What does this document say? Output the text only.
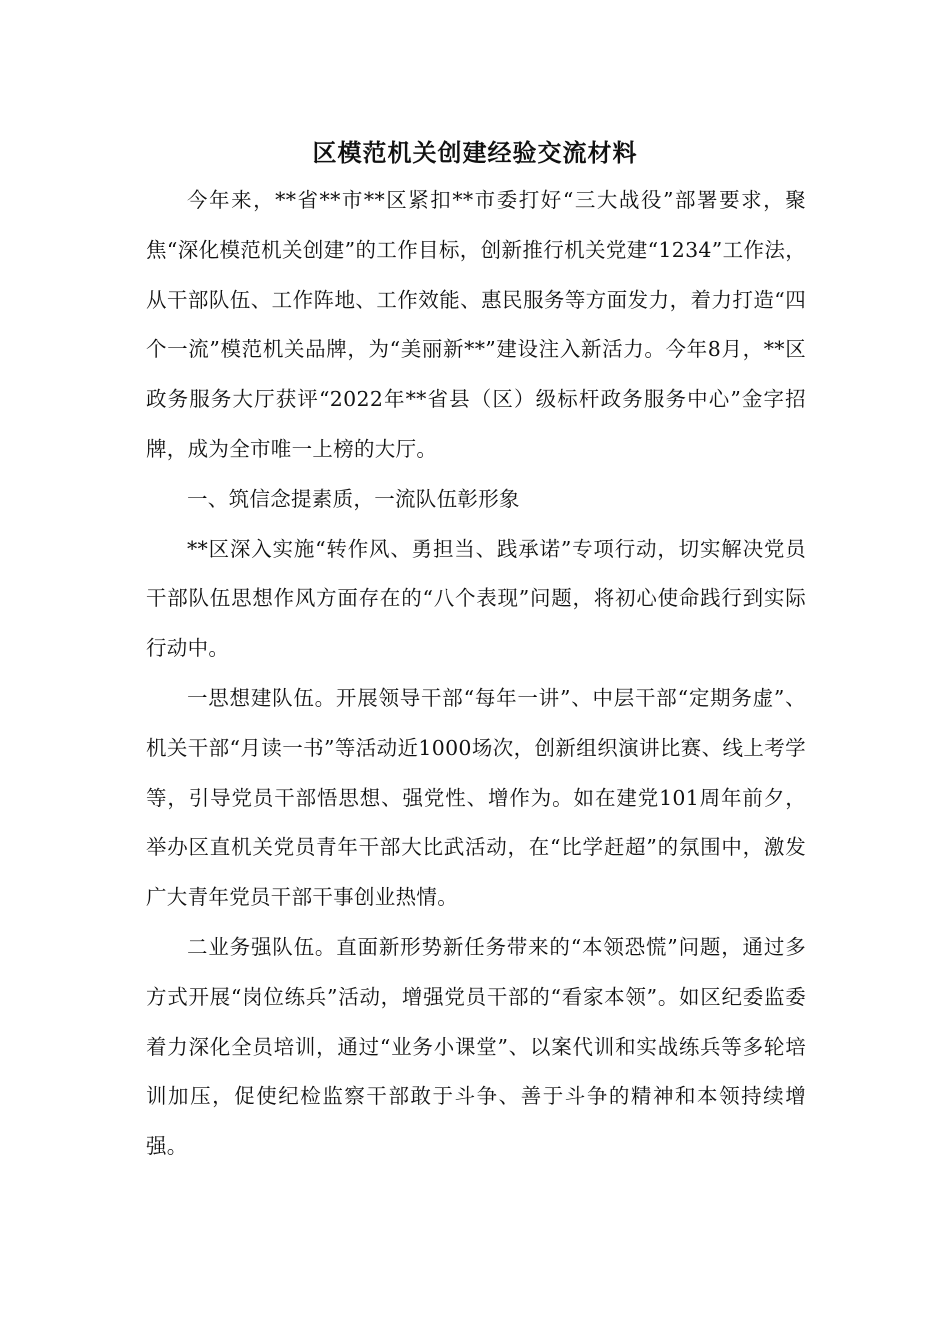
区模范机关创建经验交流材料

今年来，**省**市**区紧扣**市委打好“三大战役”部署要求，聚焦“深化模范机关创建”的工作目标，创新推行机关党建“1234”工作法，从干部队伍、工作阵地、工作效能、惠民服务等方面发力，着力打造“四个一流”模范机关品牌，为“美丽新**”建设注入新活力。今年8月，**区政务服务大厅获评“2022年**省县（区）级标杆政务服务中心”金字招牌，成为全市唯一上榜的大厅。

一、筑信念提素质，一流队伍彰形象

**区深入实施“转作风、勇担当、践承诺”专项行动，切实解决党员干部队伍思想作风方面存在的“八个表现”问题，将初心使命践行到实际行动中。

一思想建队伍。开展领导干部“每年一讲”、中层干部“定期务虚”、机关干部“月读一书”等活动近1000场次，创新组织演讲比赛、线上考学等，引导党员干部悟思想、强党性、增作为。如在建党101周年前夕，举办区直机关党员青年干部大比武活动，在“比学赶超”的氛围中，激发广大青年党员干部干事创业热情。

二业务强队伍。直面新形势新任务带来的“本领恐慌”问题，通过多方式开展“岗位练兵”活动，增强党员干部的“看家本领”。如区纪委监委着力深化全员培训，通过“业务小课堂”、以案代训和实战练兵等多轮培训加压，促使纪检监察干部敢于斗争、善于斗争的精神和本领持续增强。
